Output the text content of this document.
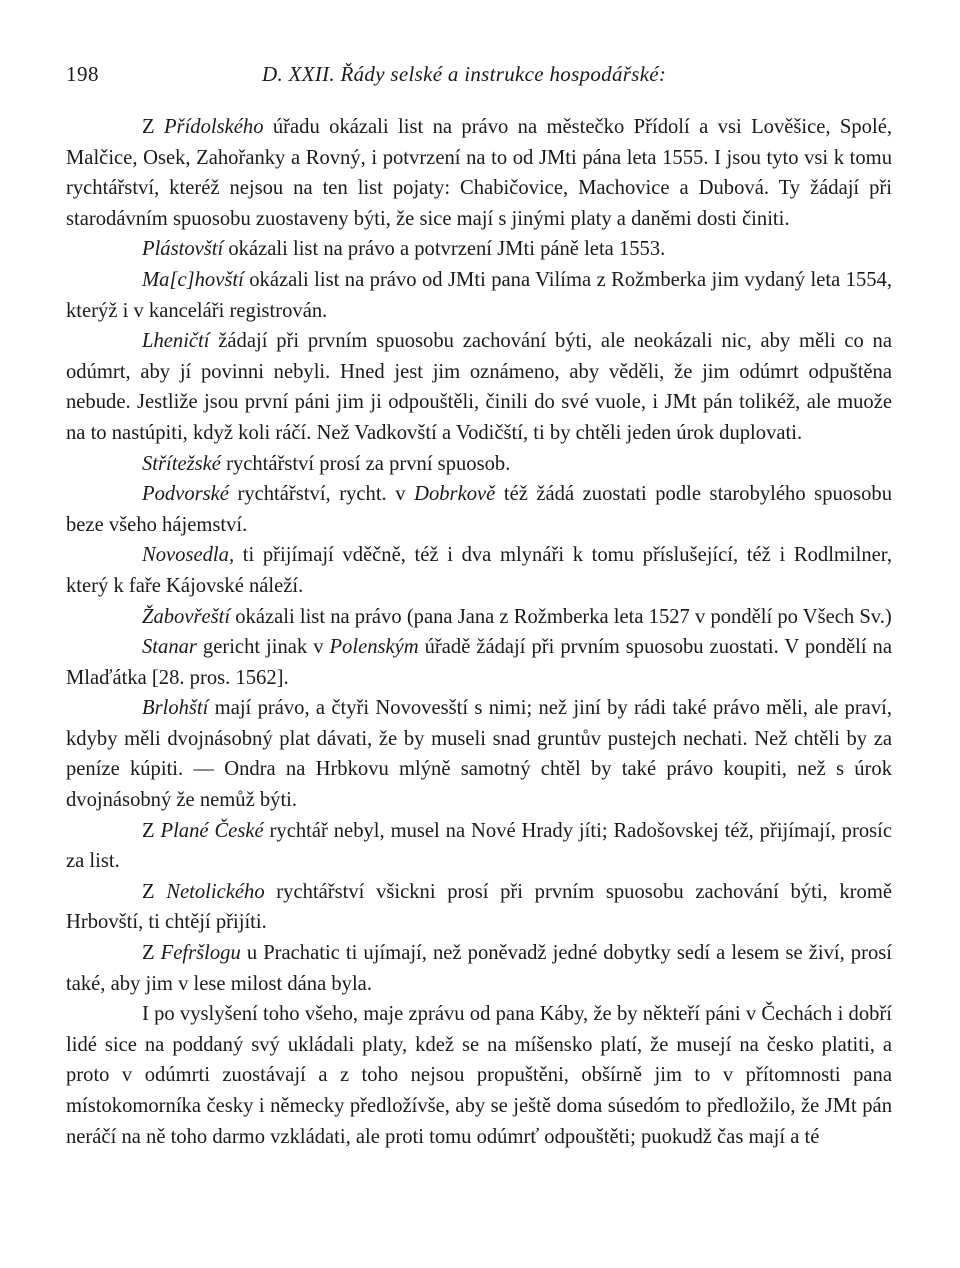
198	D. XXII. Řády selské a instrukce hospodářské:

Z Přídolského úřadu okázali list na právo na městečko Přídolí a vsi Lověšice, Spolé, Malčice, Osek, Zahořanky a Rovný, i potvrzení na to od JMti pána leta 1555. I jsou tyto vsi k tomu rychtářství, kteréž nejsou na ten list pojaty: Chabičovice, Machovice a Dubová. Ty žádají při starodávním spuosobu zuostaveny býti, že sice mají s jinými platy a daněmi dosti činiti.

Plástovští okázali list na právo a potvrzení JMti páně leta 1553.

Ma[c]hovští okázali list na právo od JMti pana Vilíma z Rožmberka jim vydaný leta 1554, kterýž i v kanceláři registrován.

Lheničtí žádají při prvním spuosobu zachování býti, ale neokázali nic, aby měli co na odúmrt, aby jí povinni nebyli. Hned jest jim oznámeno, aby věděli, že jim odúmrt odpuštěna nebude. Jestliže jsou první páni jim ji odpouštěli, činili do své vuole, i JMt pán tolikéž, ale muože na to nastúpiti, když koli ráčí. Než Vadkovští a Vodičští, ti by chtěli jeden úrok duplovati.

Střítežské rychtářství prosí za první spuosob.

Podvorské rychtářství, rycht. v Dobrkově též žádá zuostati podle starobylého spuosobu beze všeho hájemství.

Novosedla, ti přijímají vděčně, též i dva mlynáři k tomu příslušející, též i Rodlmilner, který k faře Kájovské náleží.

Žabovřeští okázali list na právo (pana Jana z Rožmberka leta 1527 v pondělí po Všech Sv.)

Stanar gericht jinak v Polenským úřadě žádají při prvním spuosobu zuostati. V pondělí na Mlaďátka [28. pros. 1562].

Brlohští mají právo, a čtyři Novovesští s nimi; než jiní by rádi také právo měli, ale praví, kdyby měli dvojnásobný plat dávati, že by museli snad gruntův pustejch nechati. Než chtěli by za peníze kúpiti. — Ondra na Hrbkovu mlýně samotný chtěl by také právo koupiti, než s úrok dvojnásobný že nemůž býti.

Z Plané České rychtář nebyl, musel na Nové Hrady jíti; Radošovskej též, přijímají, prosíc za list.

Z Netolického rychtářství všickni prosí při prvním spuosobu zachování býti, kromě Hrbovští, ti chtějí přijíti.

Z Fefršlogu u Prachatic ti ujímají, než poněvadž jedné dobytky sedí a lesem se živí, prosí také, aby jim v lese milost dána byla.

I po vyslyšení toho všeho, maje zprávu od pana Káby, že by někteří páni v Čechách i dobří lidé sice na poddaný svý ukládali platy, kdež se na míšensko platí, že musejí na česko platiti, a proto v odúmrti zuostávají a z toho nejsou propuštěni, obšírně jim to v přítomnosti pana místokomorníka česky i německy předložívše, aby se ještě doma súsedóm to předložilo, že JMt pán neráčí na ně toho darmo vzkládati, ale proti tomu odúmrť odpouštěti; puokudž čas mají a té
